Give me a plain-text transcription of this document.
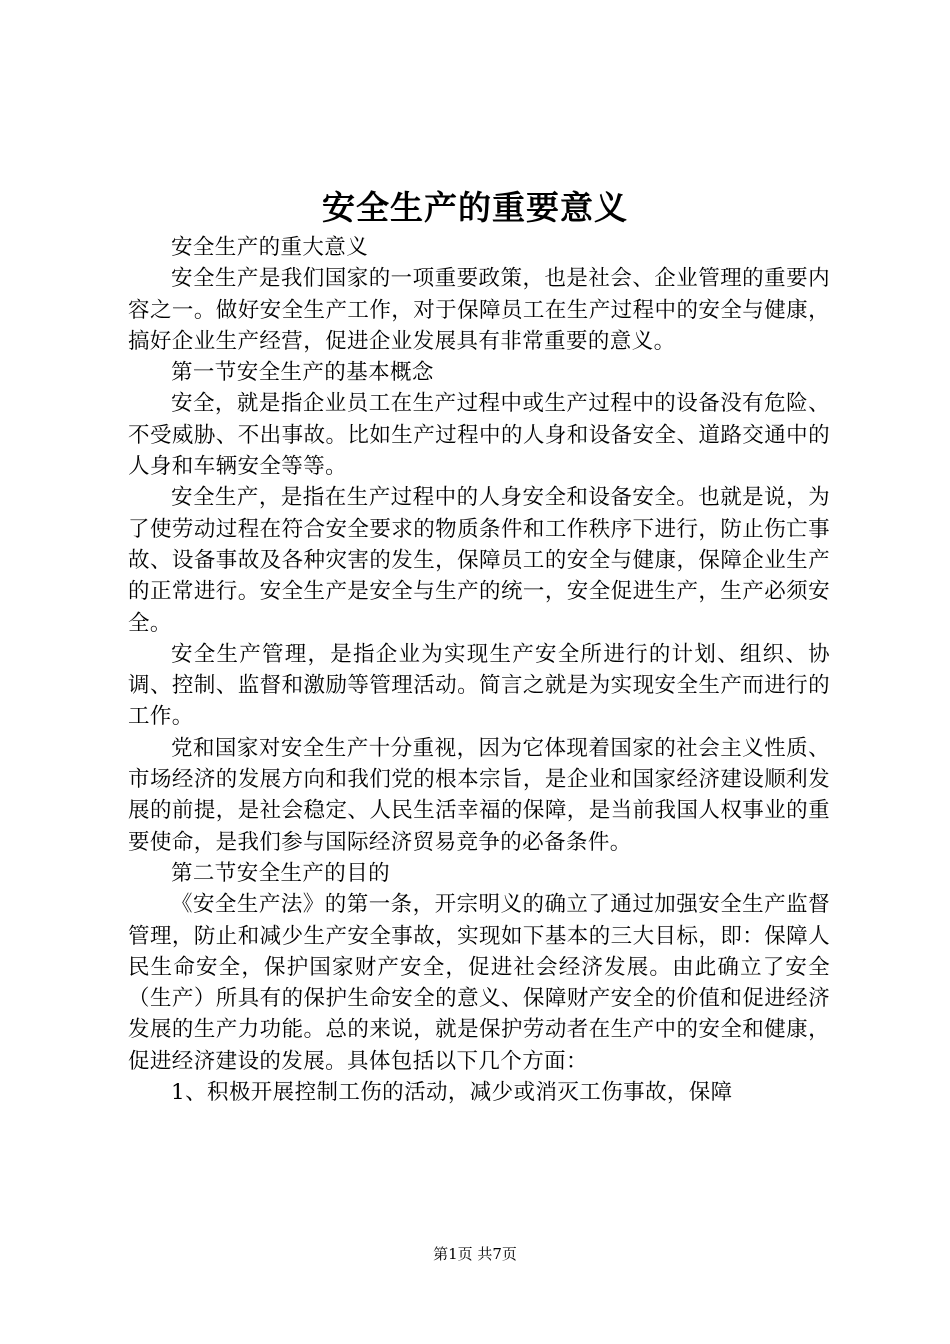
安全生产的重要意义

安全生产的重大意义

安全生产是我们国家的一项重要政策，也是社会、企业管理的重要内容之一。做好安全生产工作，对于保障员工在生产过程中的安全与健康，搞好企业生产经营，促进企业发展具有非常重要的意义。

第一节安全生产的基本概念

安全，就是指企业员工在生产过程中或生产过程中的设备没有危险、不受威胁、不出事故。比如生产过程中的人身和设备安全、道路交通中的人身和车辆安全等等。

安全生产，是指在生产过程中的人身安全和设备安全。也就是说，为了使劳动过程在符合安全要求的物质条件和工作秩序下进行，防止伤亡事故、设备事故及各种灾害的发生，保障员工的安全与健康，保障企业生产的正常进行。安全生产是安全与生产的统一，安全促进生产，生产必须安全。

安全生产管理，是指企业为实现生产安全所进行的计划、组织、协调、控制、监督和激励等管理活动。简言之就是为实现安全生产而进行的工作。

党和国家对安全生产十分重视，因为它体现着国家的社会主义性质、市场经济的发展方向和我们党的根本宗旨，是企业和国家经济建设顺利发展的前提，是社会稳定、人民生活幸福的保障，是当前我国人权事业的重要使命，是我们参与国际经济贸易竞争的必备条件。

第二节安全生产的目的

《安全生产法》的第一条，开宗明义的确立了通过加强安全生产监督管理，防止和减少生产安全事故，实现如下基本的三大目标，即：保障人民生命安全，保护国家财产安全，促进社会经济发展。由此确立了安全（生产）所具有的保护生命安全的意义、保障财产安全的价值和促进经济发展的生产力功能。总的来说，就是保护劳动者在生产中的安全和健康，促进经济建设的发展。具体包括以下几个方面：

1、积极开展控制工伤的活动，减少或消灭工伤事故，保障

第1页 共7页
